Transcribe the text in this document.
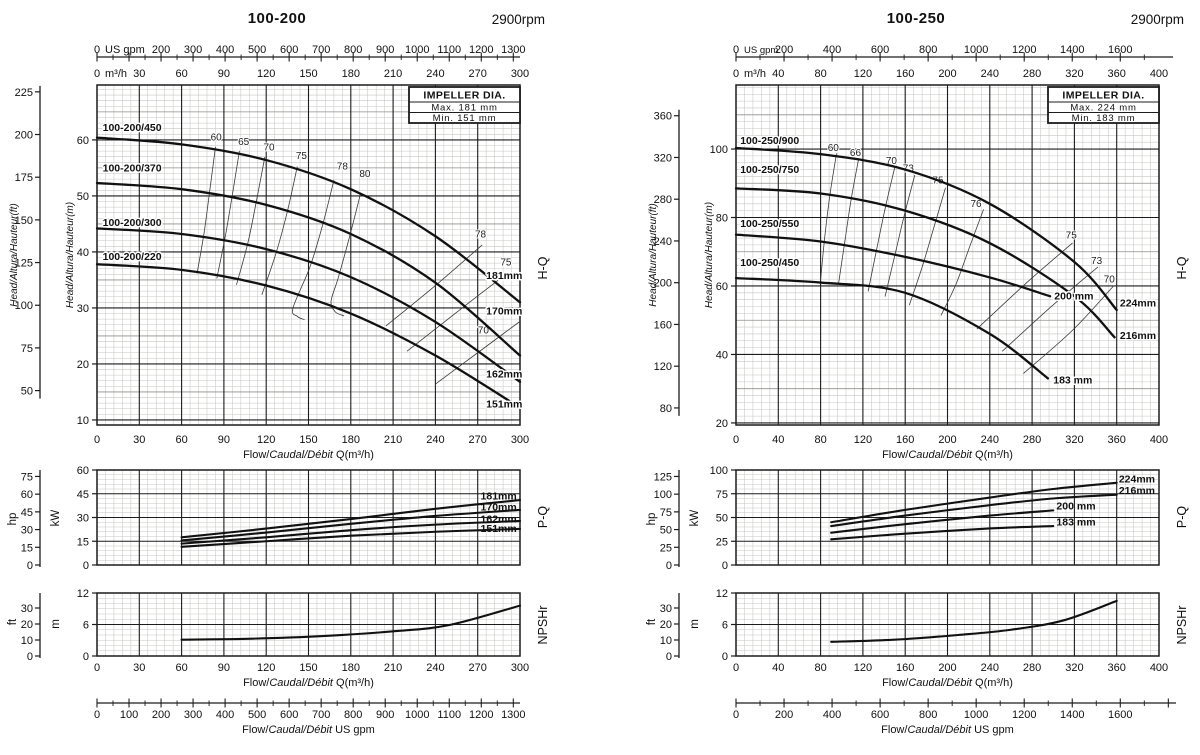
100-200	2900rpm	100-250	2900rpm
0	200 300 400 500 600 700 800 900 1000 1100 1200 1300
US gpm
0	30	60	90 120 150 180 210 240 270 300
m³/h
60 65
70
75
78
80
78
75
70
100-200/450
181mm
100-200/370
170mm
100-200/300
162mm
100-200/220
151mm
10
20
30
40
50
60
50
75
100
125
150
175
200
225
Head/Altura/Hauteur(ft)	Head/Altura/Hauteur(m)	H-Q
IMPELLER DIA.
Max. 181 mm
Min. 151 mm
0	30	60	90 120 150 180 210 240 270 300
Flow/Caudal/Débit Q(m³/h)
181mm
170mm
162mm
151mm
0
15
30
45
60
kW
0
15
30
45
60
75
hp	P-Q
0
6
12
m
0
10
20
30
ft	NPSHr
0	30	60	90 120 150 180 210 240 270 300
Flow/Caudal/Débit Q(m³/h)
0 100 200 300 400 500 600 700 800 900 1000 1100 1200 1300
Flow/Caudal/Débit US gpm
0	200	400	600	800 1000 1200 1400 1600
US gpm
0	40	80 120 160 200 240 280 320 360 400
m³/h
60 66
70
73
75
76
75
73
70
100-250/900
224mm
100-250/750
216mm
100-250/550
200 mm
100-250/450
183 mm
20
40
60
80
100
80
120
160
200
240
280
320
360
Head/Altura/Hauteur(ft)	Head/Altura/Hauteur(m)	H-Q
IMPELLER DIA.
Max. 224 mm
Min. 183 mm
0	40	80 120 160 200 240 280 320 360 400
Flow/Caudal/Débit Q(m³/h)
224mm
216mm
200 mm
183 mm
0
25
50
75
100
kW
0
25
50
75
100
125
hp	P-Q
0
6
12
m
0
10
20
30
ft	NPSHr
0	40	80 120 160 200 240 280 320 360 400
Flow/Caudal/Débit Q(m³/h)
0	200	400	600	800 1000 1200 1400 1600
Flow/Caudal/Débit US gpm
